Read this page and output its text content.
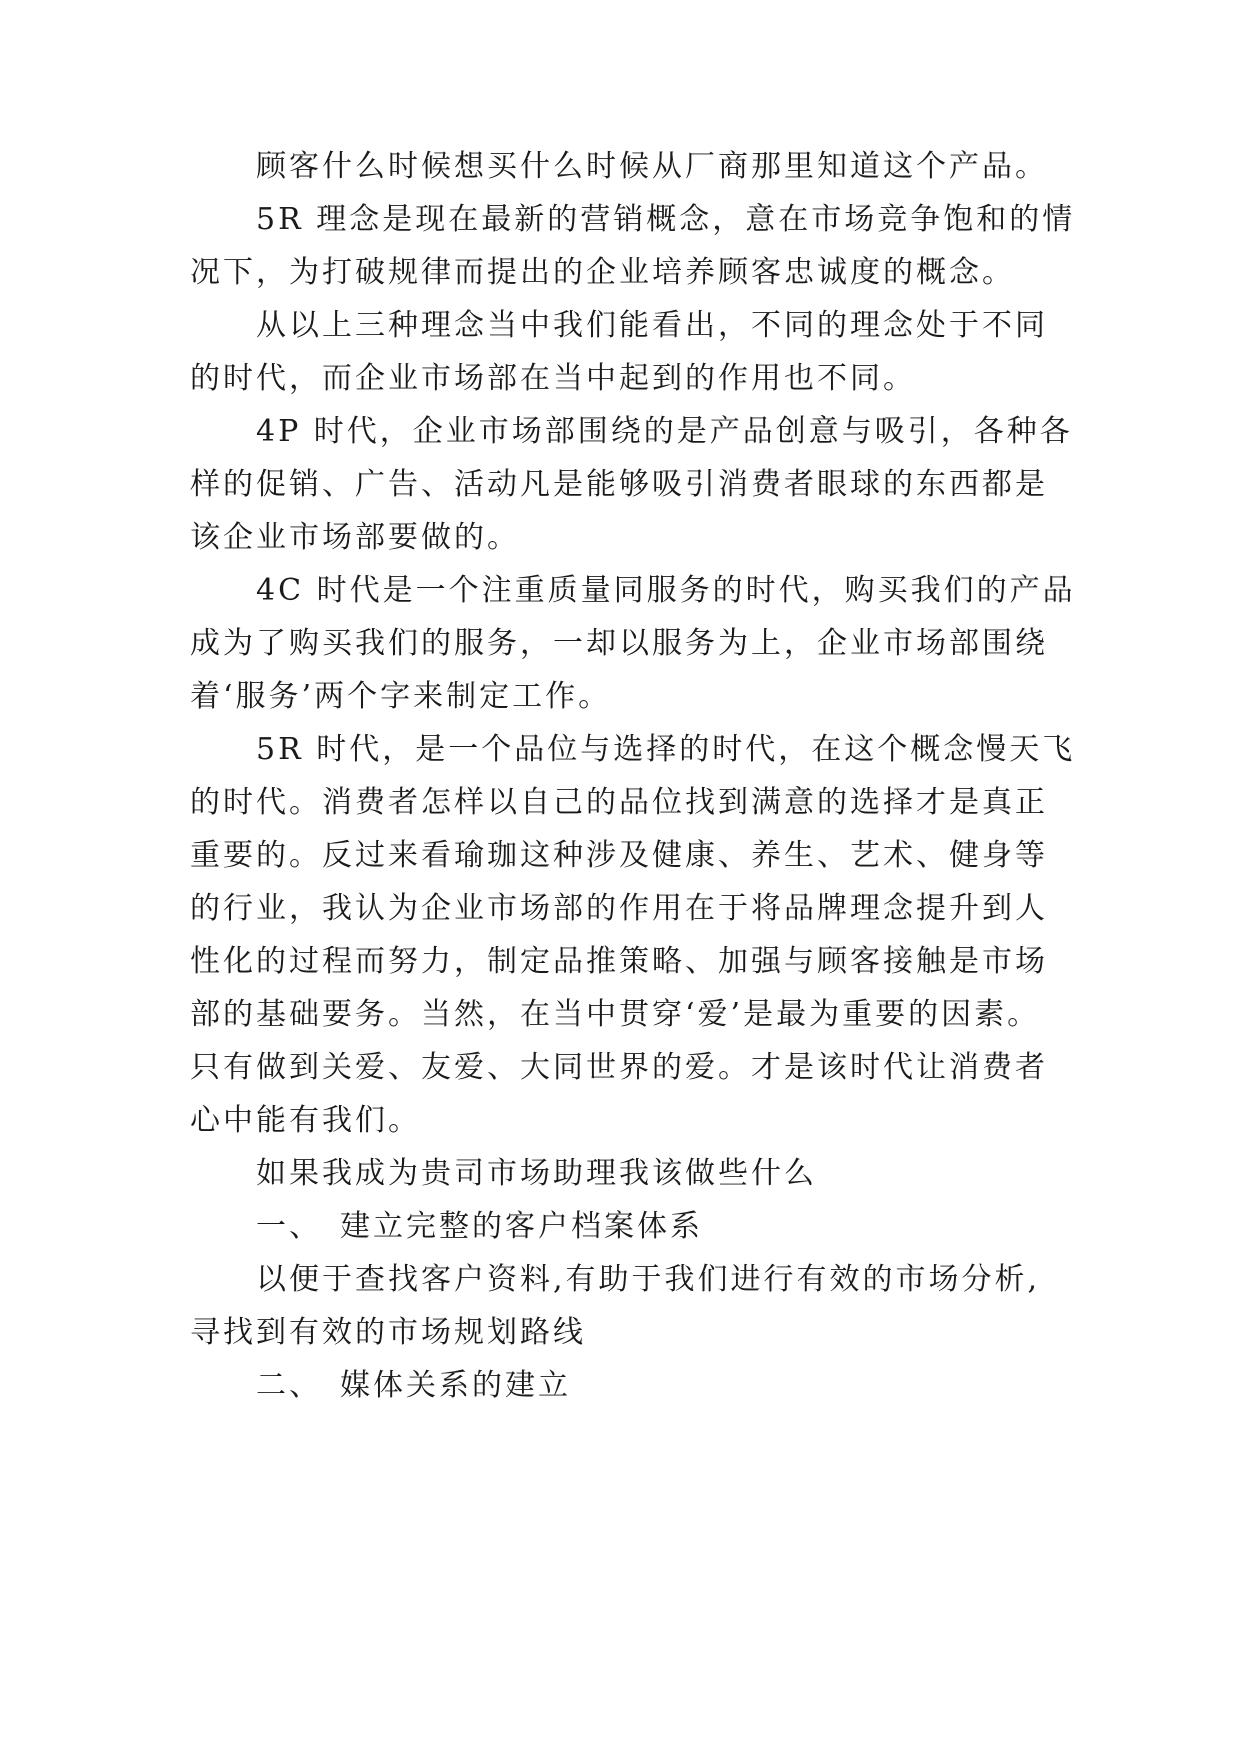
顾客什么时候想买什么时候从厂商那里知道这个产品。
5R 理念是现在最新的营销概念，意在市场竞争饱和的情
况下，为打破规律而提出的企业培养顾客忠诚度的概念。
从以上三种理念当中我们能看出，不同的理念处于不同
的时代，而企业市场部在当中起到的作用也不同。
4P 时代，企业市场部围绕的是产品创意与吸引，各种各
样的促销、广告、活动凡是能够吸引消费者眼球的东西都是
该企业市场部要做的。
4C 时代是一个注重质量同服务的时代，购买我们的产品
成为了购买我们的服务，一却以服务为上，企业市场部围绕
着‘服务’两个字来制定工作。
5R 时代，是一个品位与选择的时代，在这个概念慢天飞
的时代。消费者怎样以自己的品位找到满意的选择才是真正
重要的。反过来看瑜珈这种涉及健康、养生、艺术、健身等
的行业，我认为企业市场部的作用在于将品牌理念提升到人
性化的过程而努力，制定品推策略、加强与顾客接触是市场
部的基础要务。当然，在当中贯穿‘爱’是最为重要的因素。
只有做到关爱、友爱、大同世界的爱。才是该时代让消费者
心中能有我们。
如果我成为贵司市场助理我该做些什么
一、 建立完整的客户档案体系
以便于查找客户资料,有助于我们进行有效的市场分析,
寻找到有效的市场规划路线
二、 媒体关系的建立
